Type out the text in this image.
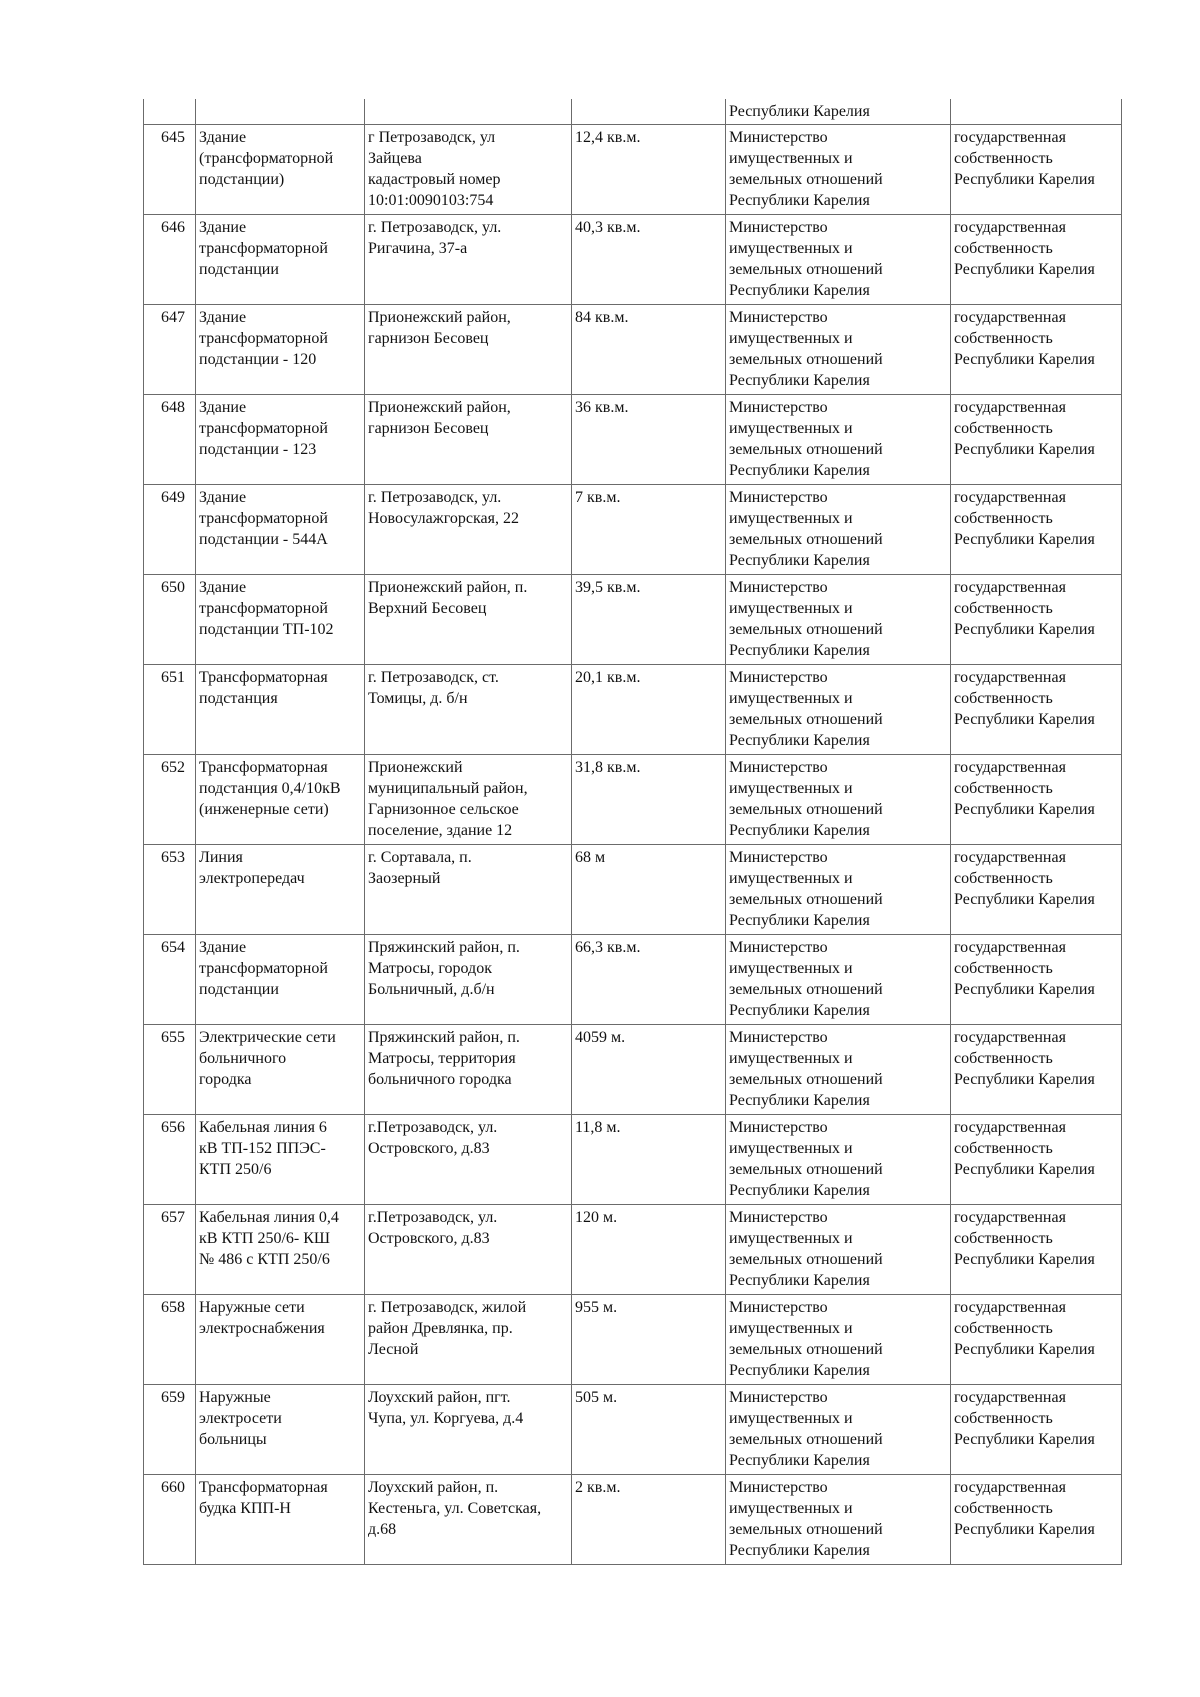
				Республики Карелия	

645	Здание
(трансформаторной
подстанции)	г Петрозаводск, ул
Зайцева
кадастровый номер
10:01:0090103:754	12,4 кв.м.	Министерство
имущественных и
земельных отношений
Республики Карелия	государственная
собственность
Республики Карелия

646	Здание
трансформаторной
подстанции	г. Петрозаводск, ул.
Ригачина, 37-а	40,3 кв.м.	Министерство
имущественных и
земельных отношений
Республики Карелия	государственная
собственность
Республики Карелия

647	Здание
трансформаторной
подстанции - 120	Прионежский район,
гарнизон Бесовец	84 кв.м.	Министерство
имущественных и
земельных отношений
Республики Карелия	государственная
собственность
Республики Карелия

648	Здание
трансформаторной
подстанции - 123	Прионежский район,
гарнизон Бесовец	36 кв.м.	Министерство
имущественных и
земельных отношений
Республики Карелия	государственная
собственность
Республики Карелия

649	Здание
трансформаторной
подстанции - 544А	г. Петрозаводск, ул.
Новосулажгорская, 22	7 кв.м.	Министерство
имущественных и
земельных отношений
Республики Карелия	государственная
собственность
Республики Карелия

650	Здание
трансформаторной
подстанции ТП-102	Прионежский район, п.
Верхний Бесовец	39,5 кв.м.	Министерство
имущественных и
земельных отношений
Республики Карелия	государственная
собственность
Республики Карелия

651	Трансформаторная
подстанция	г. Петрозаводск, ст.
Томицы, д. б/н	20,1 кв.м.	Министерство
имущественных и
земельных отношений
Республики Карелия	государственная
собственность
Республики Карелия

652	Трансформаторная
подстанция 0,4/10кВ
(инженерные сети)	Прионежский
муниципальный район,
Гарнизонное сельское
поселение, здание 12	31,8 кв.м.	Министерство
имущественных и
земельных отношений
Республики Карелия	государственная
собственность
Республики Карелия

653	Линия
электропередач	г. Сортавала, п.
Заозерный	68 м	Министерство
имущественных и
земельных отношений
Республики Карелия	государственная
собственность
Республики Карелия

654	Здание
трансформаторной
подстанции	Пряжинский район, п.
Матросы, городок
Больничный, д.б/н	66,3 кв.м.	Министерство
имущественных и
земельных отношений
Республики Карелия	государственная
собственность
Республики Карелия

655	Электрические сети
больничного
городка	Пряжинский район, п.
Матросы, территория
больничного городка	4059 м.	Министерство
имущественных и
земельных отношений
Республики Карелия	государственная
собственность
Республики Карелия

656	Кабельная линия 6
кВ ТП-152 ППЭС-
КТП 250/6	г.Петрозаводск, ул.
Островского, д.83	11,8 м.	Министерство
имущественных и
земельных отношений
Республики Карелия	государственная
собственность
Республики Карелия

657	Кабельная линия 0,4
кВ КТП 250/6- КШ
№ 486 с КТП 250/6	г.Петрозаводск, ул.
Островского, д.83	120 м.	Министерство
имущественных и
земельных отношений
Республики Карелия	государственная
собственность
Республики Карелия

658	Наружные сети
электроснабжения	г. Петрозаводск, жилой
район Древлянка, пр.
Лесной	955 м.	Министерство
имущественных и
земельных отношений
Республики Карелия	государственная
собственность
Республики Карелия

659	Наружные
электросети
больницы	Лоухский район, пгт.
Чупа, ул. Коргуева, д.4	505 м.	Министерство
имущественных и
земельных отношений
Республики Карелия	государственная
собственность
Республики Карелия

660	Трансформаторная
будка КПП-Н	Лоухский район, п.
Кестеньга, ул. Советская,
д.68	2 кв.м.	Министерство
имущественных и
земельных отношений
Республики Карелия	государственная
собственность
Республики Карелия
